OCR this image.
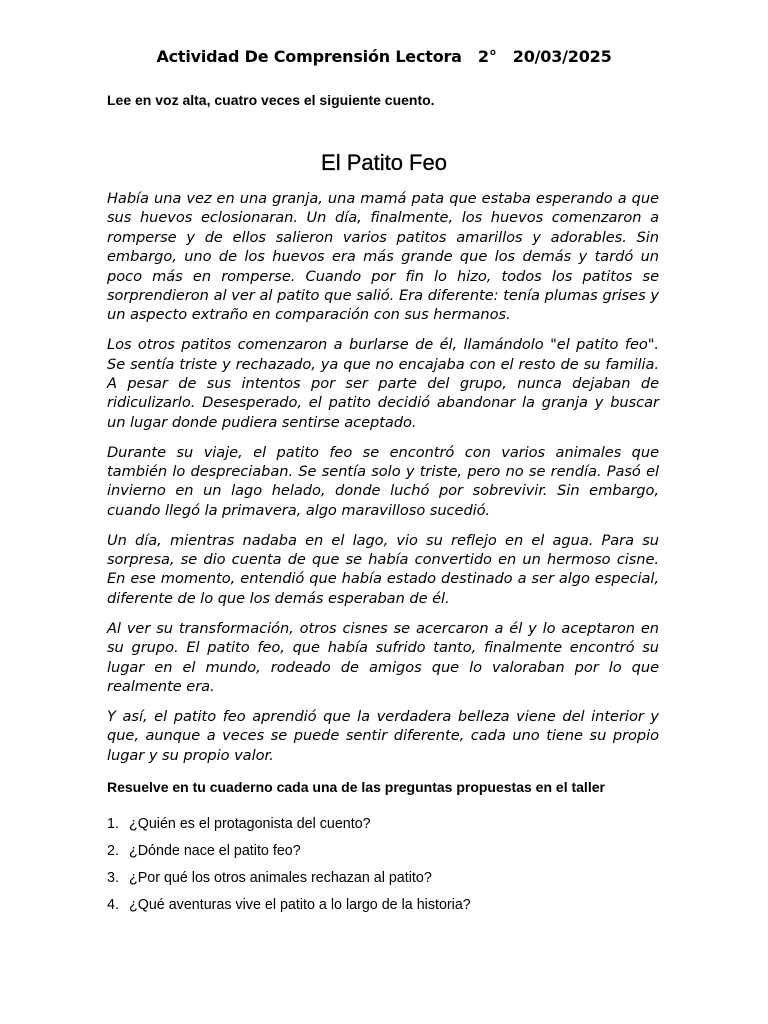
Actividad De Comprensión Lectora 2° 20/03/2025
Lee en voz alta, cuatro veces el siguiente cuento.
El Patito Feo

Había una vez en una granja, una mamá pata que estaba esperando a que sus huevos eclosionaran. Un día, finalmente, los huevos comenzaron a romperse y de ellos salieron varios patitos amarillos y adorables. Sin embargo, uno de los huevos era más grande que los demás y tardó un poco más en romperse. Cuando por fin lo hizo, todos los patitos se sorprendieron al ver al patito que salió. Era diferente: tenía plumas grises y un aspecto extraño en comparación con sus hermanos.

Los otros patitos comenzaron a burlarse de él, llamándolo "el patito feo". Se sentía triste y rechazado, ya que no encajaba con el resto de su familia. A pesar de sus intentos por ser parte del grupo, nunca dejaban de ridiculizarlo. Desesperado, el patito decidió abandonar la granja y buscar un lugar donde pudiera sentirse aceptado.

Durante su viaje, el patito feo se encontró con varios animales que también lo despreciaban. Se sentía solo y triste, pero no se rendía. Pasó el invierno en un lago helado, donde luchó por sobrevivir. Sin embargo, cuando llegó la primavera, algo maravilloso sucedió.

Un día, mientras nadaba en el lago, vio su reflejo en el agua. Para su sorpresa, se dio cuenta de que se había convertido en un hermoso cisne. En ese momento, entendió que había estado destinado a ser algo especial, diferente de lo que los demás esperaban de él.

Al ver su transformación, otros cisnes se acercaron a él y lo aceptaron en su grupo. El patito feo, que había sufrido tanto, finalmente encontró su lugar en el mundo, rodeado de amigos que lo valoraban por lo que realmente era.

Y así, el patito feo aprendió que la verdadera belleza viene del interior y que, aunque a veces se puede sentir diferente, cada uno tiene su propio lugar y su propio valor.

Resuelve en tu cuaderno cada una de las preguntas propuestas en el taller
1. ¿Quién es el protagonista del cuento?
2. ¿Dónde nace el patito feo?
3. ¿Por qué los otros animales rechazan al patito?
4. ¿Qué aventuras vive el patito a lo largo de la historia?
